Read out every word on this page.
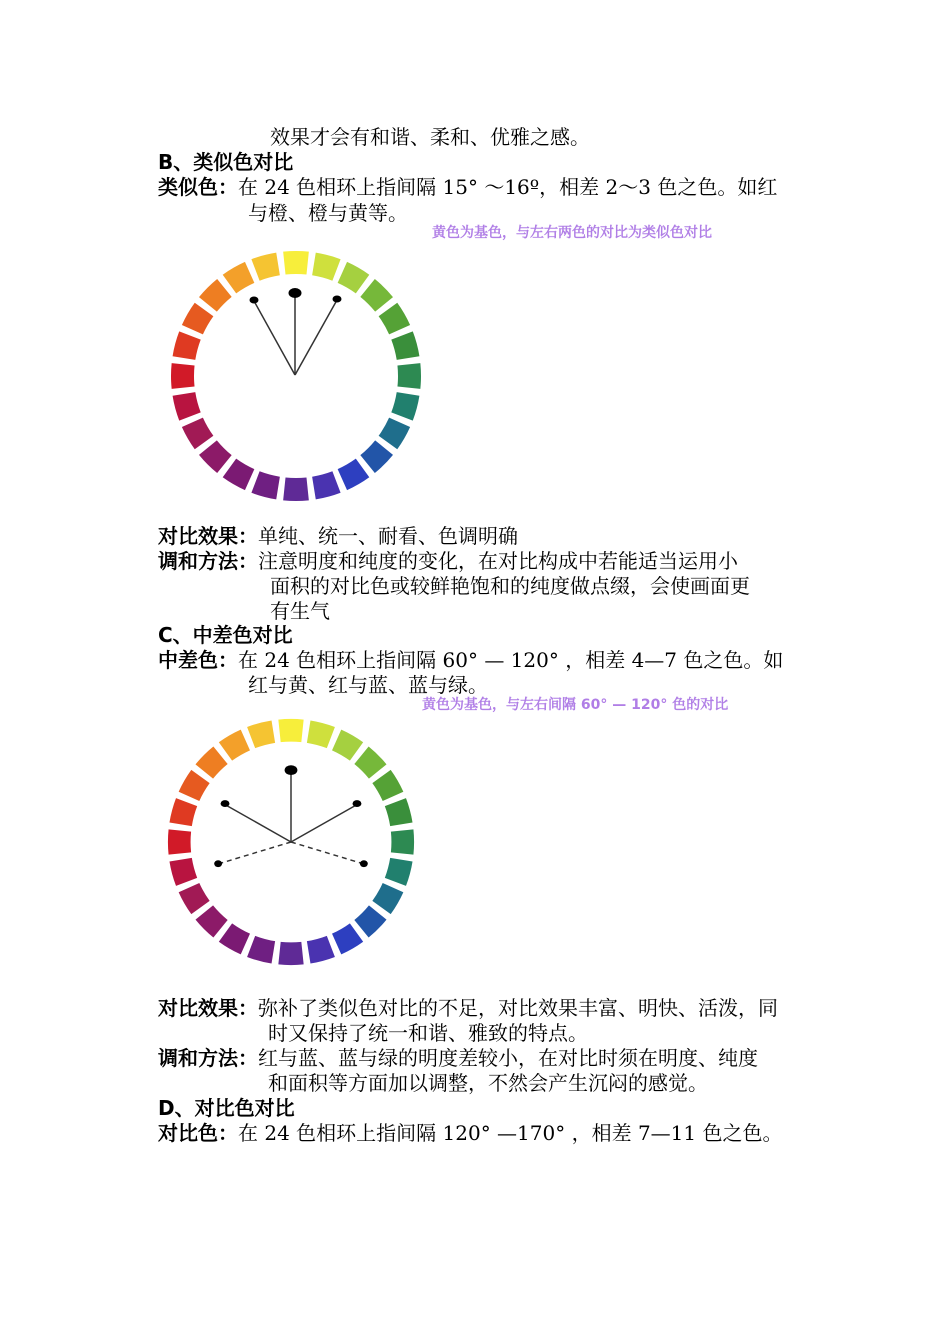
效果才会有和谐、柔和、优雅之感。
B、类似色对比
类似色：在 24 色相环上指间隔 15° ～16º，相差 2～3 色之色。如红
与橙、橙与黄等。
黄色为基色，与左右两色的对比为类似色对比
对比效果：单纯、统一、耐看、色调明确
调和方法：注意明度和纯度的变化，在对比构成中若能适当运用小
面积的对比色或较鲜艳饱和的纯度做点缀，会使画面更
有生气
C、中差色对比
中差色：在 24 色相环上指间隔 60° — 120° ，相差 4—7 色之色。如
红与黄、红与蓝、蓝与绿。
黄色为基色，与左右间隔 60° — 120° 色的对比
对比效果：弥补了类似色对比的不足，对比效果丰富、明快、活泼，同
时又保持了统一和谐、雅致的特点。
调和方法：红与蓝、蓝与绿的明度差较小，在对比时须在明度、纯度
和面积等方面加以调整，不然会产生沉闷的感觉。
D、对比色对比
对比色：在 24 色相环上指间隔 120° —170° ，相差 7—11 色之色。
